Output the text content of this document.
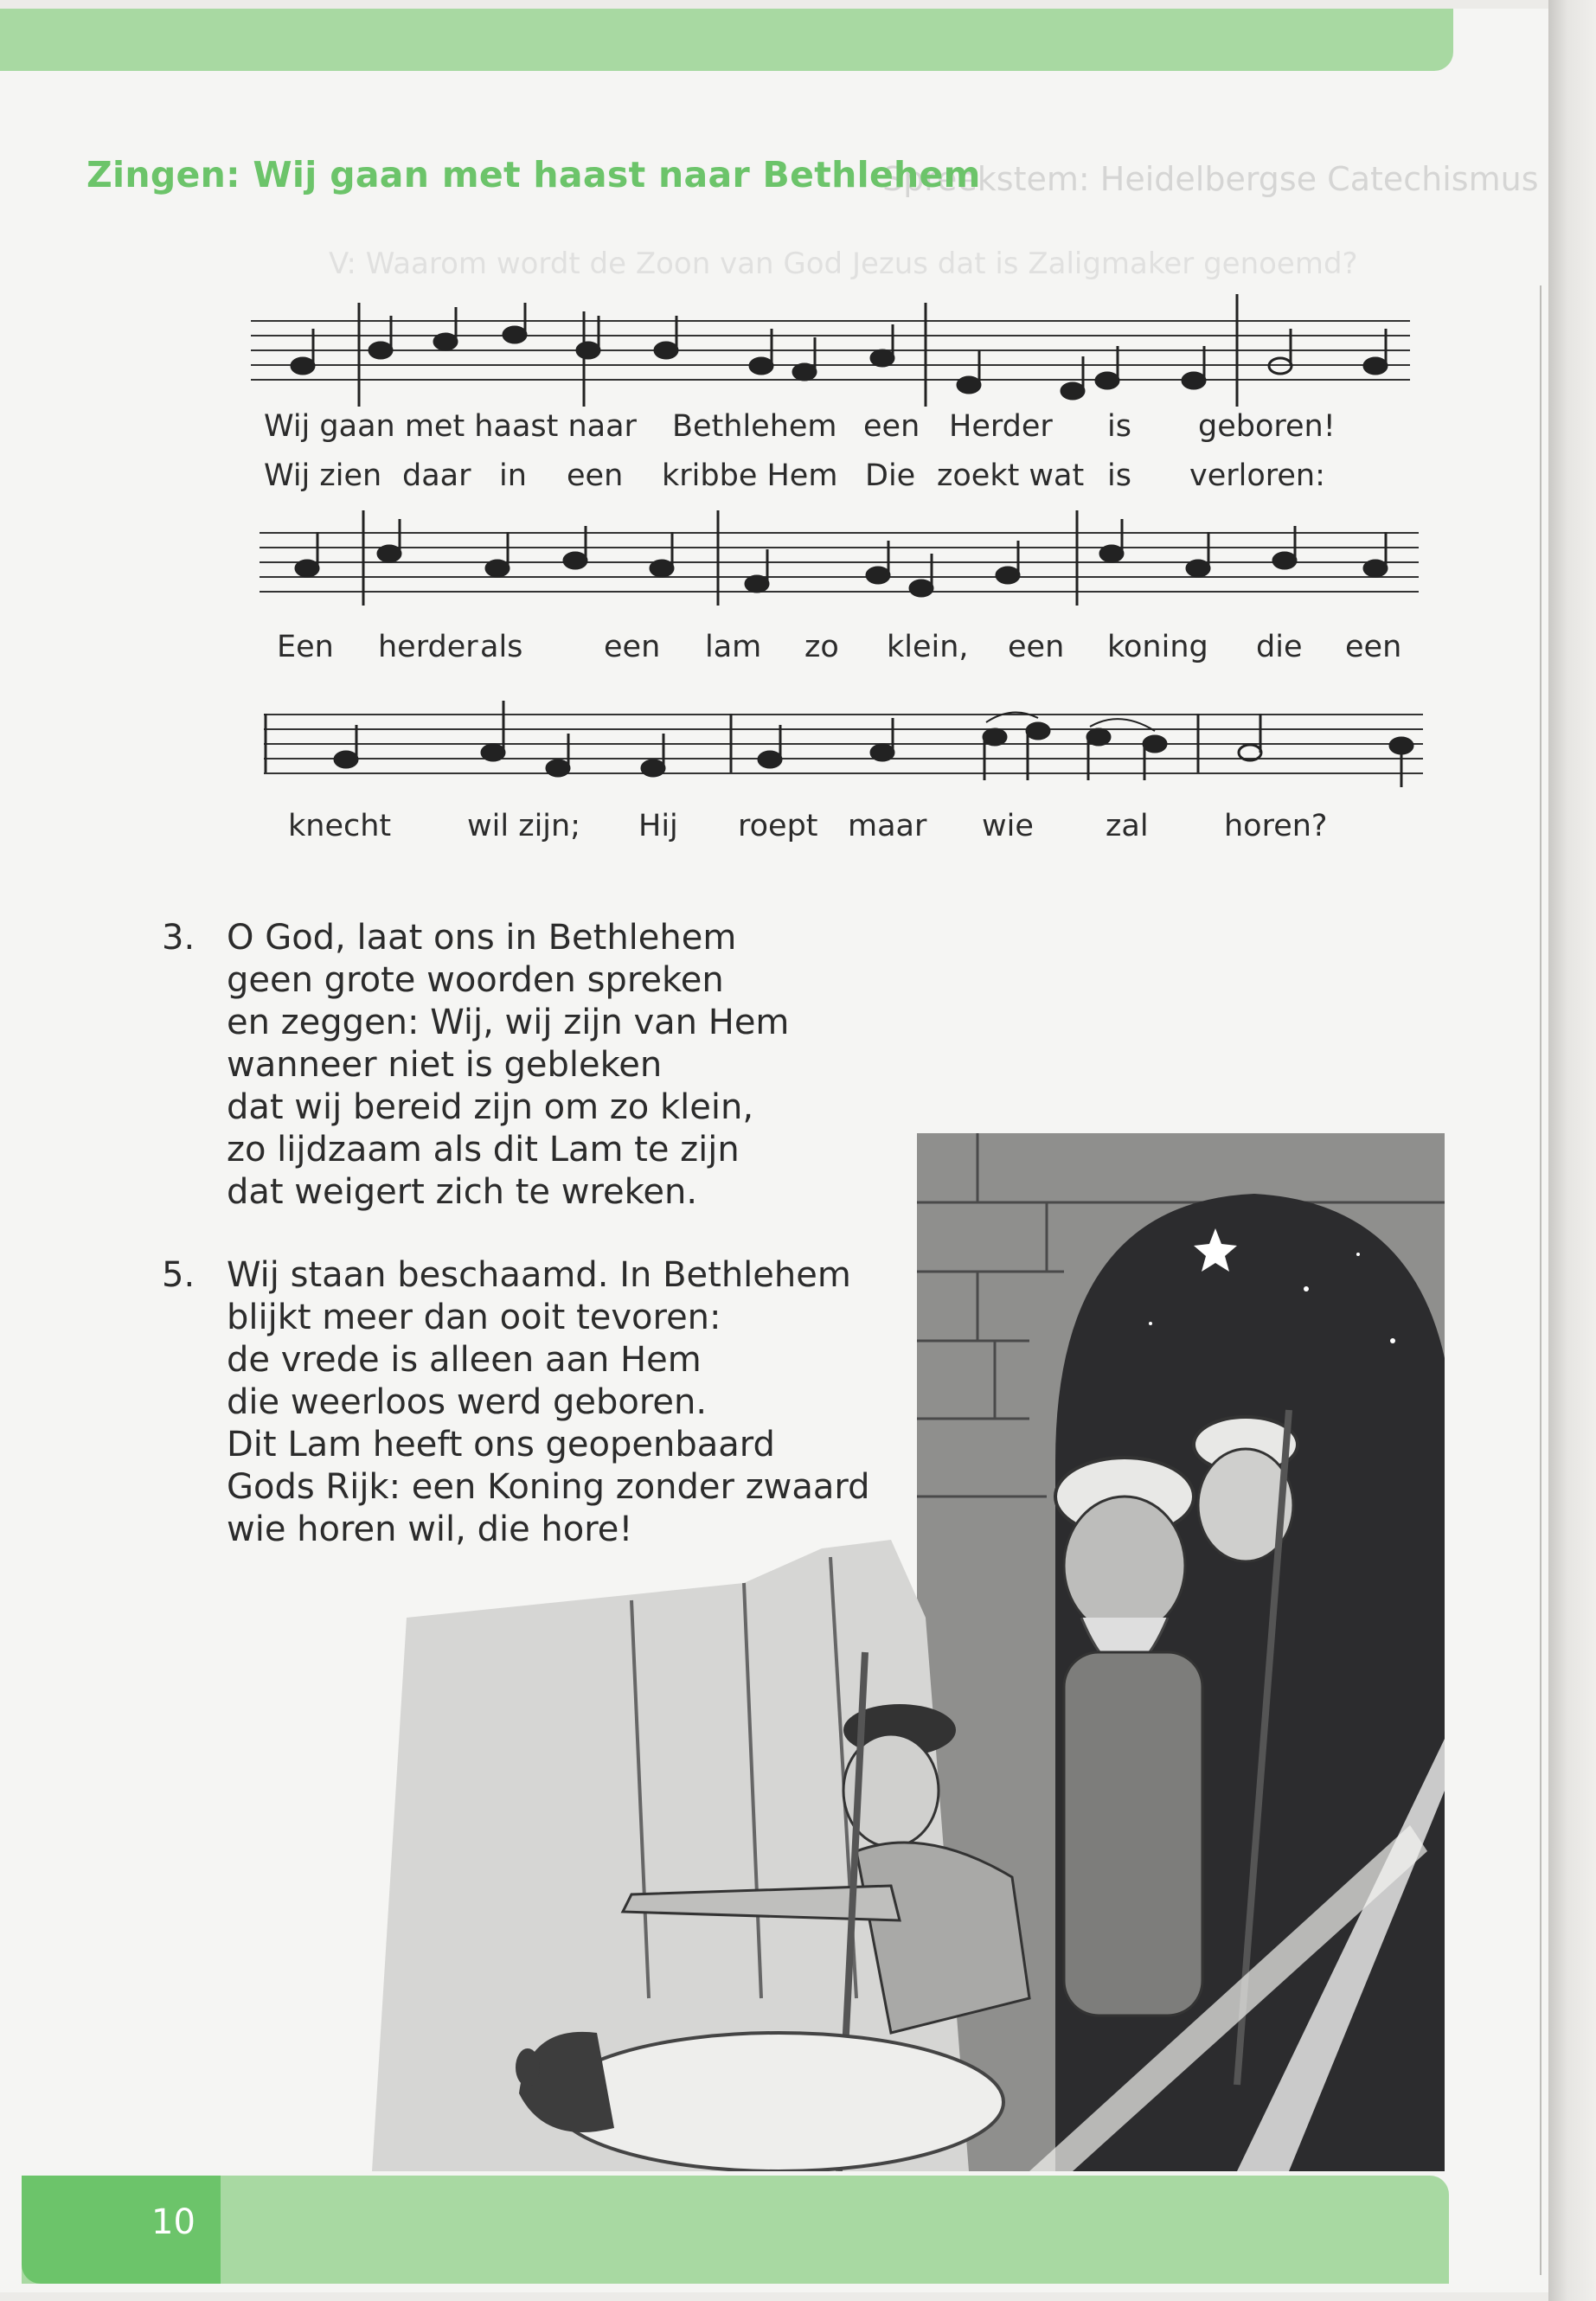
Spreekstem: Heidelbergse Catechismus
V: Waarom wordt de Zoon van God Jezus dat is Zaligmaker genoemd?
Zingen: Wij gaan met haast naar Bethlehem
Wij gaan met haast naar Bethlehem een Herder is geboren!
Wij zien daar in een kribbe Hem Die zoekt wat is verloren:
Een herder als	een lam zo klein, een koning die een
knecht	wil zijn; Hij roept maar wie zal horen?
3. O God, laat ons in Bethlehem
geen grote woorden spreken
en zeggen: Wij, wij zijn van Hem
wanneer niet is gebleken
dat wij bereid zijn om zo klein,
zo lijdzaam als dit Lam te zijn
dat weigert zich te wreken.
5. Wij staan beschaamd. In Bethlehem
blijkt meer dan ooit tevoren:
de vrede is alleen aan Hem
die weerloos werd geboren.
Dit Lam heeft ons geopenbaard
Gods Rijk: een Koning zonder zwaard
wie horen wil, die hore!
10
